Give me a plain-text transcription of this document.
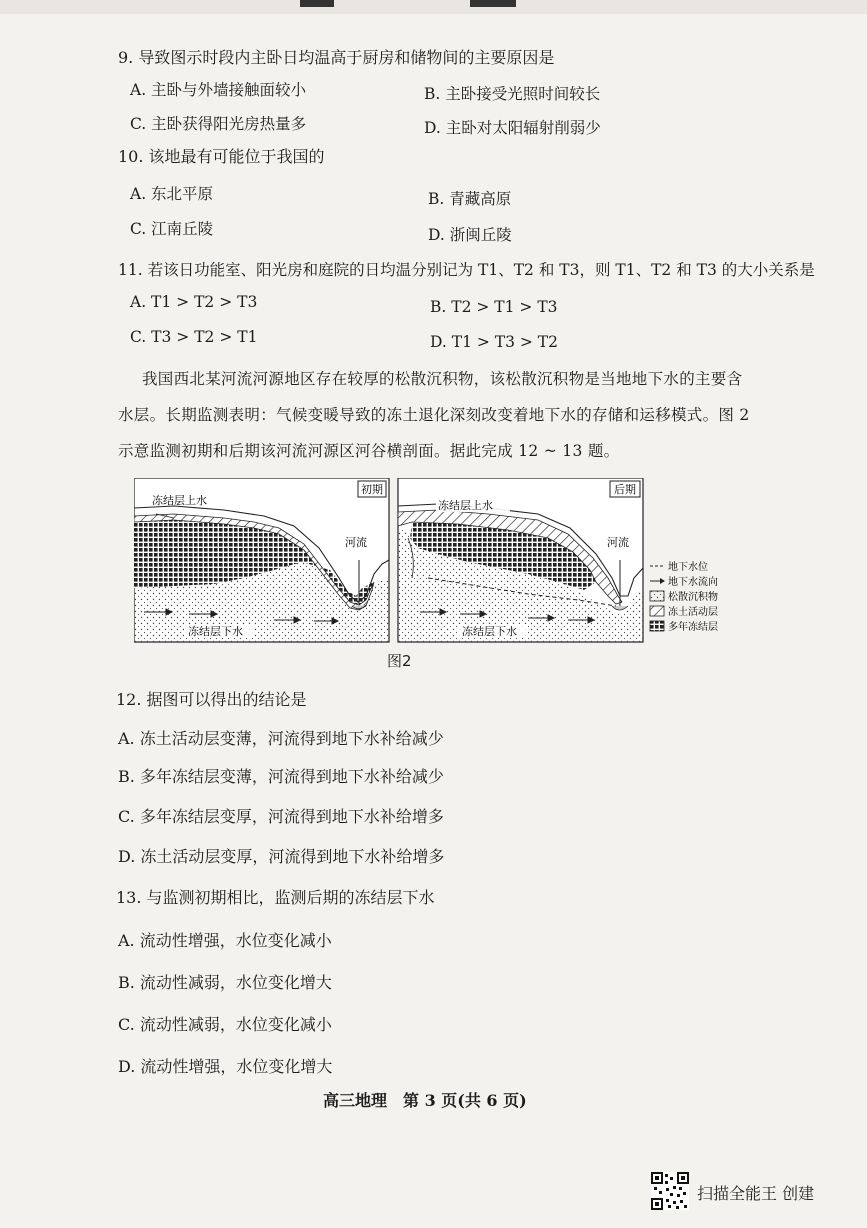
9. 导致图示时段内主卧日均温高于厨房和储物间的主要原因是
A. 主卧与外墙接触面较小	B. 主卧接受光照时间较长
C. 主卧获得阳光房热量多	D. 主卧对太阳辐射削弱少
10. 该地最有可能位于我国的
A. 东北平原	B. 青藏高原
C. 江南丘陵	D. 浙闽丘陵
11. 若该日功能室、阳光房和庭院的日均温分别记为 T1、T2 和 T3，则 T1、T2 和 T3 的大小关系是
A. T1 > T2 > T3	B. T2 > T1 > T3
C. T3 > T2 > T1	D. T1 > T3 > T2
我国西北某河流河源地区存在较厚的松散沉积物，该松散沉积物是当地地下水的主要含
水层。长期监测表明：气候变暖导致的冻土退化深刻改变着地下水的存储和运移模式。图 2
示意监测初期和后期该河流河源区河谷横剖面。据此完成 12 ~ 13 题。
初期
冻结层上水
河流
冻结层下水
后期
冻结层上水
河流
冻结层下水
地下水位
地下水流向
松散沉积物
冻土活动层
多年冻结层
图2
12. 据图可以得出的结论是
A. 冻土活动层变薄，河流得到地下水补给减少
B. 多年冻结层变薄，河流得到地下水补给减少
C. 多年冻结层变厚，河流得到地下水补给增多
D. 冻土活动层变厚，河流得到地下水补给增多
13. 与监测初期相比，监测后期的冻结层下水
A. 流动性增强，水位变化减小
B. 流动性减弱，水位变化增大
C. 流动性减弱，水位变化减小
D. 流动性增强，水位变化增大
高三地理　第 3 页(共 6 页)
扫描全能王 创建
